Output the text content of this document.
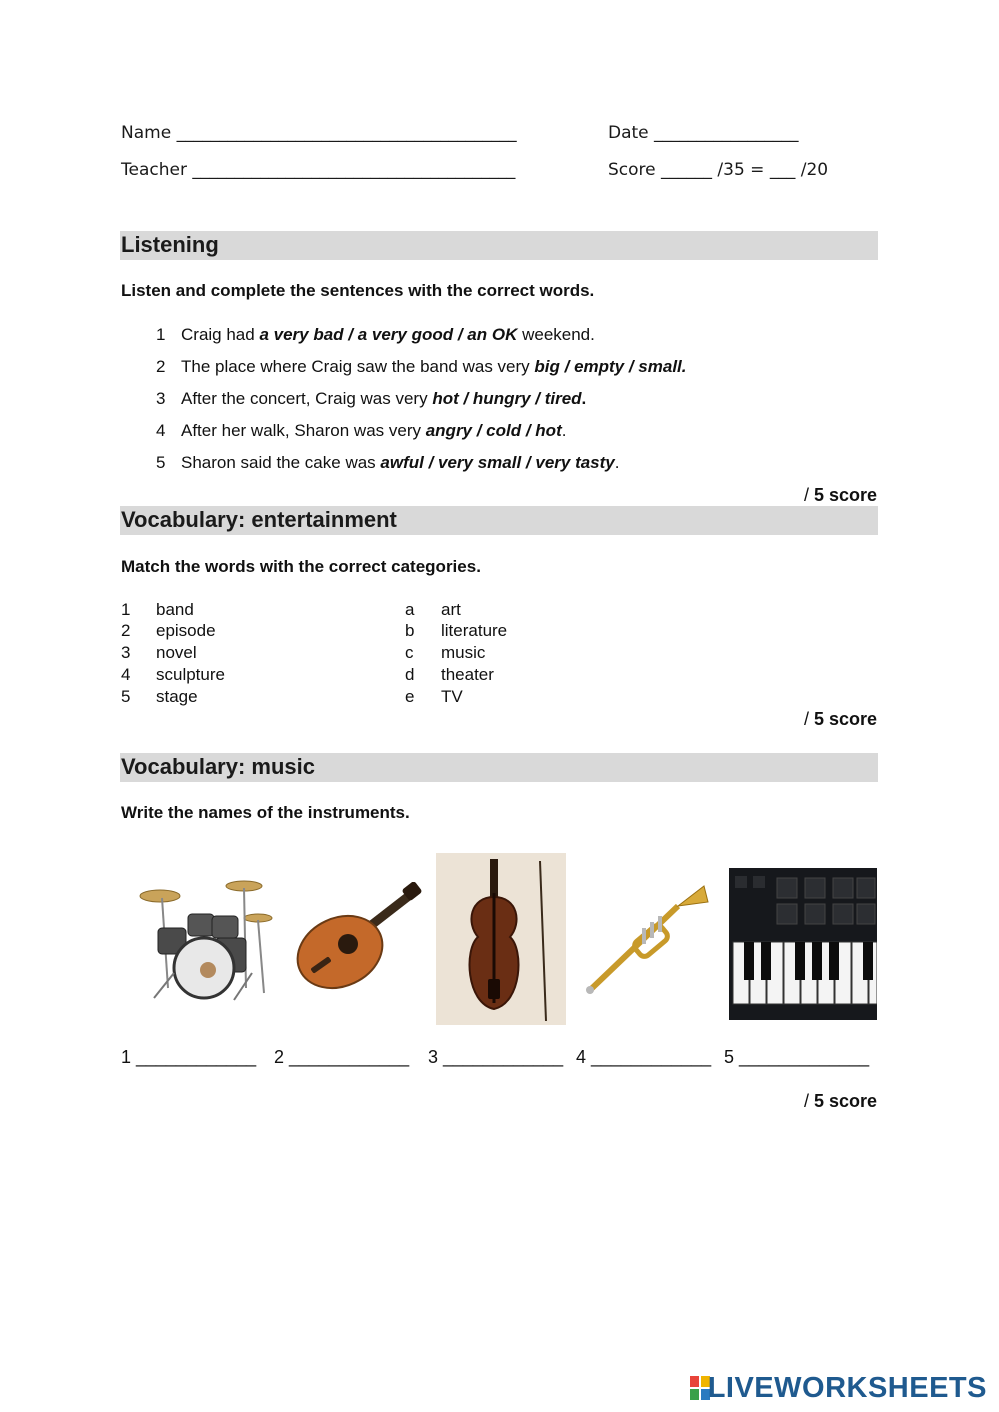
Name ________________________________________	Date _________________
Teacher ______________________________________	Score ______ /35 = ___ /20
Listening
Listen and complete the sentences with the correct words.
1 Craig had a very bad / a very good / an OK weekend.
2 The place where Craig saw the band was very big / empty / small.
3 After the concert, Craig was very hot / hungry / tired.
4 After her walk, Sharon was very angry / cold / hot.
5 Sharon said the cake was awful / very small / very tasty.
/ 5 score
Vocabulary: entertainment
Match the words with the correct categories.
1 band	a art
2 episode	b literature
3 novel	c music
4 sculpture	d theater
5 stage	e TV
/ 5 score
Vocabulary: music
Write the names of the instruments.
1 ____________ 2 ____________ 3 ____________ 4 ____________ 5 _____________
/ 5 score
LIVEWORKSHEETS
